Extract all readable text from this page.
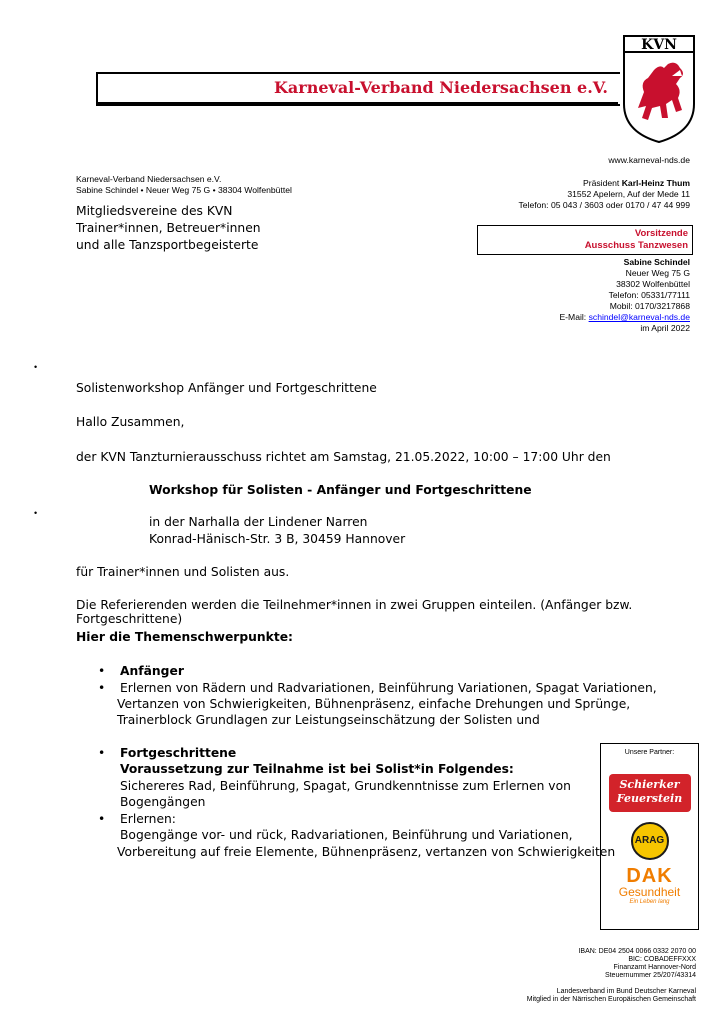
Karneval-Verband Niedersachsen e.V.
KVN
www.karneval-nds.de
Karneval-Verband Niedersachsen e.V.
Sabine Schindel • Neuer Weg 75 G • 38304 Wolfenbüttel
Mitgliedsvereine des KVN
Trainer*innen, Betreuer*innen
und alle Tanzsportbegeisterte
Präsident Karl-Heinz Thum
31552 Apelern, Auf der Mede 11
Telefon: 05 043 / 3603 oder 0170 / 47 44 999
Vorsitzende
Ausschuss Tanzwesen
Sabine Schindel
Neuer Weg 75 G
38302 Wolfenbüttel
Telefon: 05331/77111
Mobil: 0170/3217868
E-Mail: schindel@karneval-nds.de
im April 2022
•
•
Solistenworkshop Anfänger und Fortgeschrittene
Hallo Zusammen,
der KVN Tanzturnierausschuss richtet am Samstag, 21.05.2022, 10:00 – 17:00 Uhr den
Workshop für Solisten - Anfänger und Fortgeschrittene
in der Narhalla der Lindener Narren
Konrad-Hänisch-Str. 3 B, 30459 Hannover
für Trainer*innen und Solisten aus.
Die Referierenden werden die Teilnehmer*innen in zwei Gruppen einteilen. (Anfänger bzw. Fortgeschrittene)
Hier die Themenschwerpunkte:
• Anfänger
• Erlernen von Rädern und Radvariationen, Beinführung Variationen, Spagat Variationen,
Vertanzen von Schwierigkeiten, Bühnenpräsenz, einfache Drehungen und Sprünge,
Trainerblock Grundlagen zur Leistungseinschätzung der Solisten und
• Fortgeschrittene
Voraussetzung zur Teilnahme ist bei Solist*in Folgendes:
Sichereres Rad, Beinführung, Spagat, Grundkenntnisse zum Erlernen von
Bogengängen
• Erlernen:
Bogengänge vor- und rück, Radvariationen, Beinführung und Variationen,
Vorbereitung auf freie Elemente, Bühnenpräsenz, vertanzen von Schwierigkeiten
Unsere Partner:
Schierker
Feuerstein
ARAG
DAK
Gesundheit
Ein Leben lang
IBAN: DE04 2504 0066 0332 2070 00
BIC: COBADEFFXXX
Finanzamt Hannover-Nord
Steuernummer 25/207/43314
Landesverband im Bund Deutscher Karneval
Mitglied in der Närrischen Europäischen Gemeinschaft
